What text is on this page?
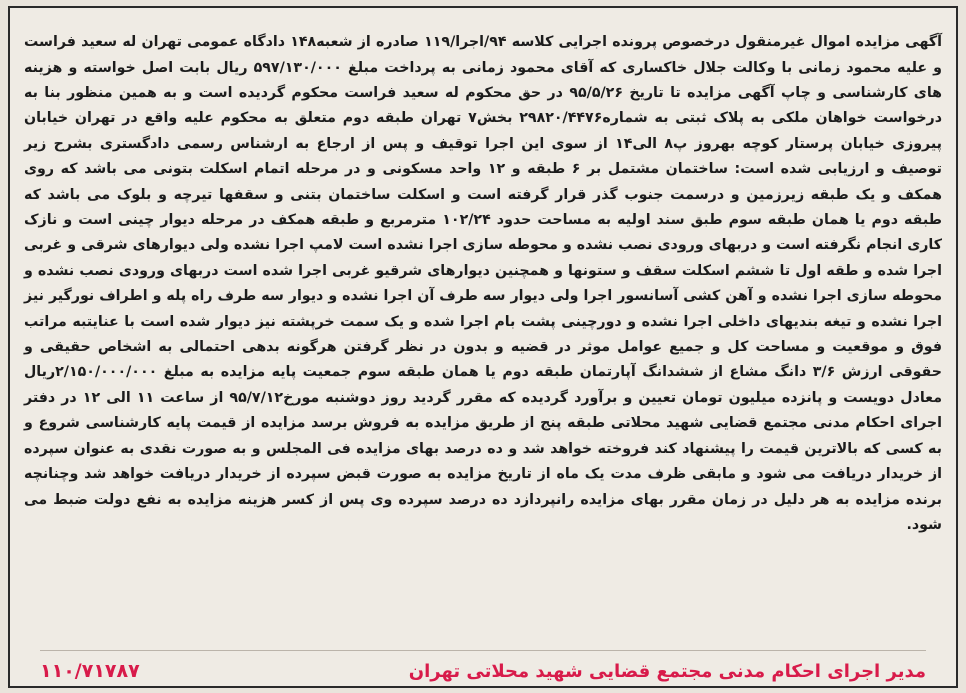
آگهی مزایده اموال غیرمنقول درخصوص پرونده اجرایی کلاسه ۹۴/اجرا/۱۱۹ صادره از شعبه۱۴۸ دادگاه عمومی تهران له سعید فراست و علیه محمود زمانی با وکالت جلال خاکساری که آقای محمود زمانی به پرداخت مبلغ ۵۹۷/۱۳۰/۰۰۰ ریال بابت اصل خواسته و هزینه های کارشناسی و چاپ آگهی مزایده تا تاریخ ۹۵/۵/۲۶ در حق محکوم له سعید فراست محکوم گردیده است و به همین منظور بنا به درخواست خواهان ملکی به پلاک ثبتی به شماره۲۹۸۲۰/۴۴۷۶ بخش۷ تهران طبقه دوم متعلق به محکوم علیه واقع در تهران خیابان پیروزی خیابان پرستار کوچه بهروز پ۸ الی۱۴ از سوی این اجرا توقیف و پس از ارجاع به ارشناس رسمی دادگستری بشرح زیر توصیف و ارزیابی شده است: ساختمان مشتمل بر ۶ طبقه و ۱۲ واحد مسکونی و در مرحله اتمام اسکلت بتونی می باشد که روی همکف و یک طبقه زیرزمین و درسمت جنوب گذر قرار گرفته است و اسکلت ساختمان بتنی و سقفها تیرچه و بلوک می باشد که طبقه دوم یا همان طبقه سوم طبق سند اولیه به مساحت حدود ۱۰۲/۲۴ مترمربع و طبقه همکف در مرحله دیوار چینی است و نازک کاری انجام نگرفته است و دربهای ورودی نصب نشده و محوطه سازی اجرا نشده است لامپ اجرا نشده ولی دیوارهای شرقی و غربی اجرا شده و طقه اول تا ششم اسکلت سقف و ستونها و همچنین دیوارهای شرقیو غربی اجرا شده است دربهای ورودی نصب نشده و محوطه سازی اجرا نشده و آهن کشی آسانسور اجرا ولی دیوار سه طرف آن اجرا نشده و دیوار سه طرف راه پله و اطراف نورگیر نیز اجرا نشده و تیغه بندیهای داخلی اجرا نشده و دورچینی پشت بام اجرا شده و یک سمت خرپشته نیز دیوار شده است با عنایتبه مراتب فوق و موقعیت و مساحت کل و جمیع عوامل موثر در قضیه و بدون در نظر گرفتن هرگونه بدهی احتمالی به اشخاص حقیقی و حقوقی ارزش ۳/۶ دانگ مشاع از ششدانگ آپارتمان طبقه دوم یا همان طبقه سوم جمعیت پایه مزایده به مبلغ ۲/۱۵۰/۰۰۰/۰۰۰ریال معادل دویست و پانزده میلیون تومان تعیین و برآورد گردیده که مقرر گردید روز دوشنبه مورخ۹۵/۷/۱۲ از ساعت ۱۱ الی ۱۲ در دفتر اجرای احکام مدنی مجتمع قضایی شهید محلاتی طبقه پنج از طریق مزایده به فروش برسد مزایده از قیمت پایه کارشناسی شروع و به کسی که بالاترین قیمت را پیشنهاد کند فروخته خواهد شد و ده درصد بهای مزایده فی المجلس و به صورت نقدی به عنوان سپرده از خریدار دریافت می شود و مابقی ظرف مدت یک ماه از تاریخ مزایده به صورت قبض سپرده از خریدار دریافت خواهد شد وچنانچه برنده مزایده به هر دلیل در زمان مقرر بهای مزایده رانپردازد ده درصد سپرده وی پس از کسر هزینه مزایده به نفع دولت ضبط می شود.

مدیر اجرای احکام مدنی مجتمع قضایی شهید محلاتی تهران
۱۱۰/۷۱۷۸۷
